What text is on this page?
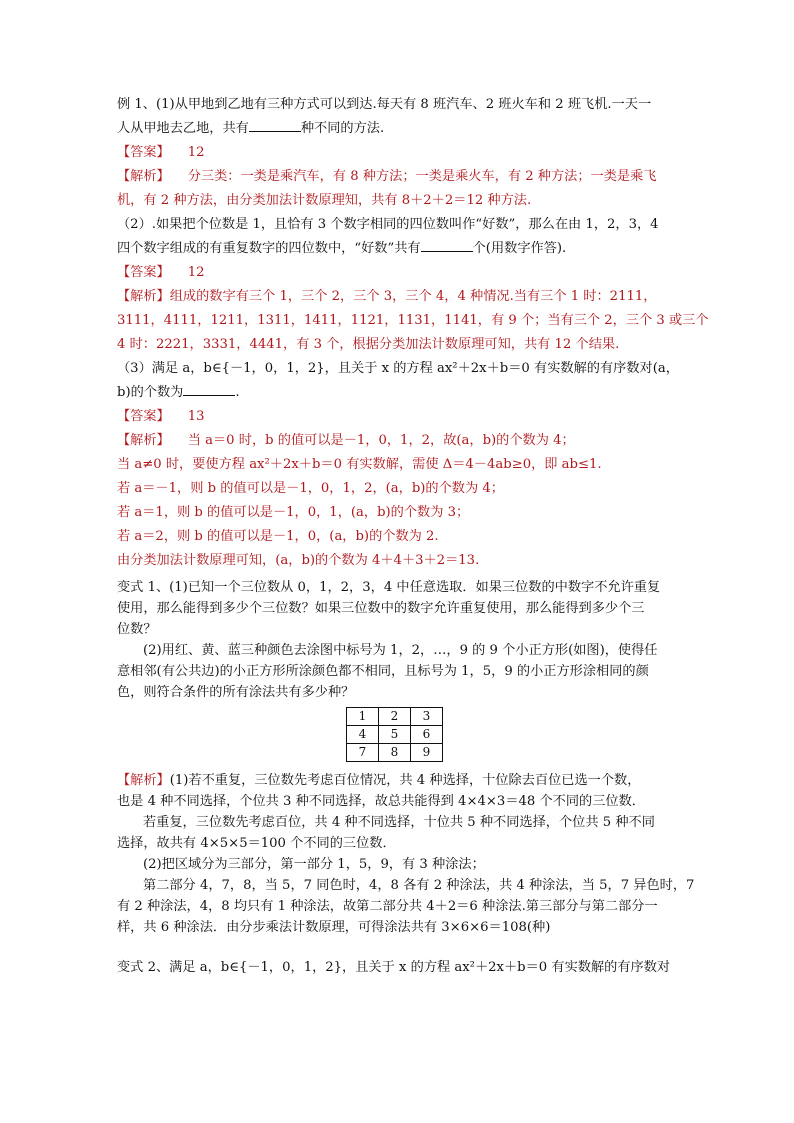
例 1、(1)从甲地到乙地有三种方式可以到达.每天有 8 班汽车、2 班火车和 2 班飞机.一天一

人从甲地去乙地，共有	种不同的方法.

【答案】 12

【解析】 分三类：一类是乘汽车，有 8 种方法；一类是乘火车，有 2 种方法；一类是乘飞

机，有 2 种方法，由分类加法计数原理知，共有 8＋2＋2＝12 种方法.

（2）.如果把个位数是 1，且恰有 3 个数字相同的四位数叫作“好数”，那么在由 1，2，3，4

四个数字组成的有重复数字的四位数中，“好数”共有	个(用数字作答).

【答案】 12

【解析】组成的数字有三个 1，三个 2，三个 3，三个 4，4 种情况.当有三个 1 时：2111，

3111，4111，1211，1311，1411，1121，1131，1141，有 9 个；当有三个 2，三个 3 或三个

4 时：2221，3331，4441，有 3 个，根据分类加法计数原理可知，共有 12 个结果.

（3）满足 a，b∈{－1，0，1，2}，且关于 x 的方程 ax²＋2x＋b＝0 有实数解的有序数对(a，

b)的个数为	.

【答案】 13

【解析】 当 a＝0 时，b 的值可以是－1，0，1，2，故(a，b)的个数为 4；

当 a≠0 时，要使方程 ax²＋2x＋b＝0 有实数解，需使 Δ＝4－4ab≥0，即 ab≤1.

若 a＝－1，则 b 的值可以是－1，0，1，2，(a，b)的个数为 4；

若 a＝1，则 b 的值可以是－1，0，1，(a，b)的个数为 3；

若 a＝2，则 b 的值可以是－1，0，(a，b)的个数为 2.

由分类加法计数原理可知，(a，b)的个数为 4＋4＋3＋2＝13.

变式 1、(1)已知一个三位数从 0，1，2，3，4 中任意选取．如果三位数的中数字不允许重复

使用，那么能得到多少个三位数？如果三位数中的数字允许重复使用，那么能得到多少个三

位数？

(2)用红、黄、蓝三种颜色去涂图中标号为 1，2，…，9 的 9 个小正方形(如图)，使得任

意相邻(有公共边)的小正方形所涂颜色都不相同，且标号为 1，5，9 的小正方形涂相同的颜

色，则符合条件的所有涂法共有多少种？

1	2	3
4	5	6
7	8	9

【解析】(1)若不重复，三位数先考虑百位情况，共 4 种选择，十位除去百位已选一个数，

也是 4 种不同选择，个位共 3 种不同选择，故总共能得到 4×4×3＝48 个不同的三位数．

若重复，三位数先考虑百位，共 4 种不同选择，十位共 5 种不同选择，个位共 5 种不同

选择，故共有 4×5×5＝100 个不同的三位数．

(2)把区域分为三部分，第一部分 1，5，9，有 3 种涂法；

第二部分 4，7，8，当 5，7 同色时，4，8 各有 2 种涂法，共 4 种涂法，当 5，7 异色时，7

有 2 种涂法，4，8 均只有 1 种涂法，故第二部分共 4＋2＝6 种涂法.第三部分与第二部分一

样，共 6 种涂法．由分步乘法计数原理，可得涂法共有 3×6×6＝108(种)

变式 2、满足 a，b∈{－1，0，1，2}，且关于 x 的方程 ax²＋2x＋b＝0 有实数解的有序数对
